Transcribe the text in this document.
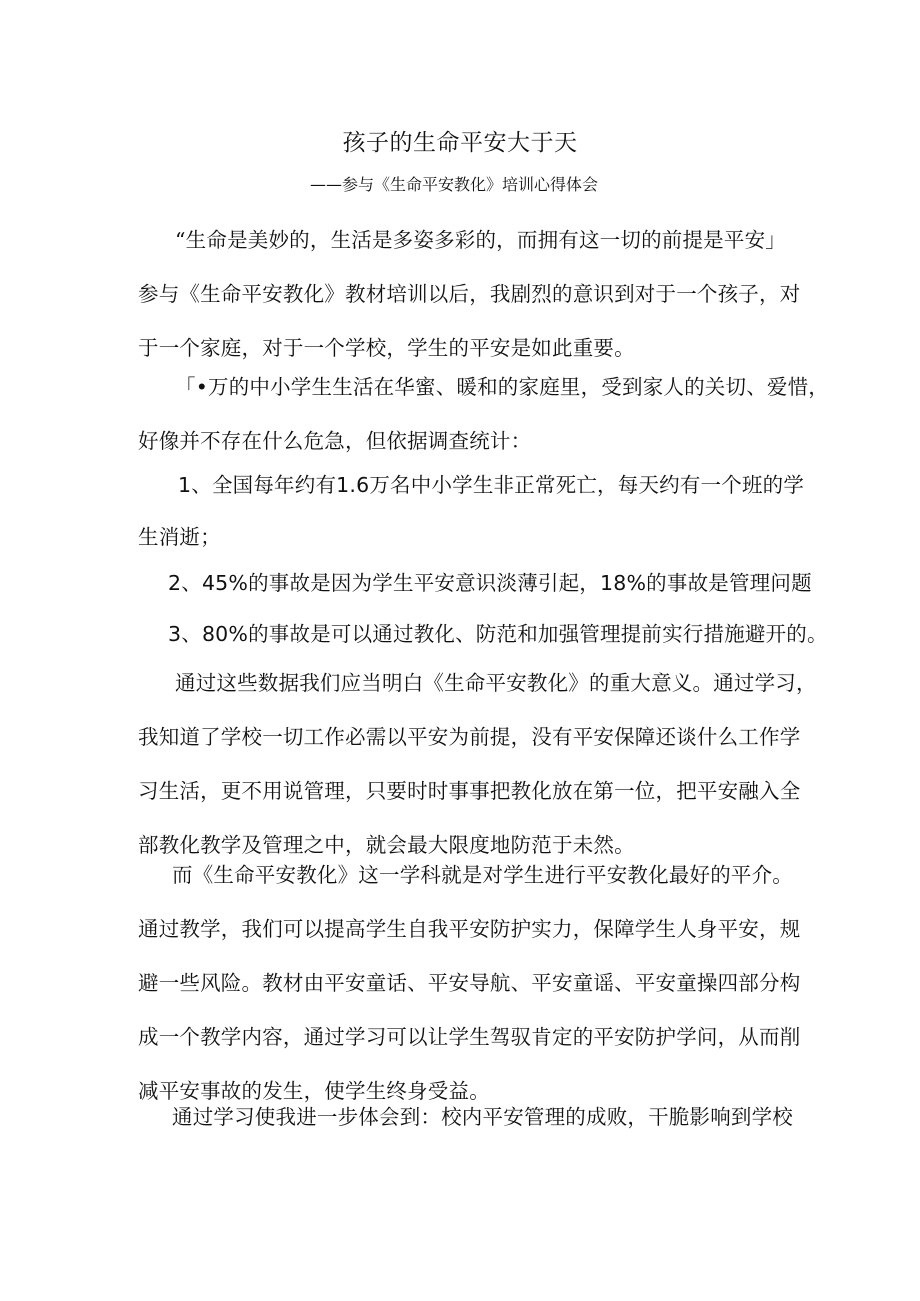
孩子的生命平安大于天
——参与《生命平安教化》培训心得体会
“生命是美妙的，生活是多姿多彩的，而拥有这一切的前提是平安」
参与《生命平安教化》教材培训以后，我剧烈的意识到对于一个孩子，对
于一个家庭，对于一个学校，学生的平安是如此重要。
「•万的中小学生生活在华蜜、暖和的家庭里，受到家人的关切、爱惜，
好像并不存在什么危急，但依据调查统计：
1、全国每年约有1.6万名中小学生非正常死亡，每天约有一个班的学
生消逝；
2、45%的事故是因为学生平安意识淡薄引起，18%的事故是管理问题
3、80%的事故是可以通过教化、防范和加强管理提前实行措施避开的。
通过这些数据我们应当明白《生命平安教化》的重大意义。通过学习，
我知道了学校一切工作必需以平安为前提，没有平安保障还谈什么工作学
习生活，更不用说管理，只要时时事事把教化放在第一位，把平安融入全
部教化教学及管理之中，就会最大限度地防范于未然。
而《生命平安教化》这一学科就是对学生进行平安教化最好的平介。
通过教学，我们可以提高学生自我平安防护实力，保障学生人身平安，规
避一些风险。教材由平安童话、平安导航、平安童谣、平安童操四部分构
成一个教学内容，通过学习可以让学生驾驭肯定的平安防护学问，从而削
减平安事故的发生，使学生终身受益。
通过学习使我进一步体会到：校内平安管理的成败，干脆影响到学校
